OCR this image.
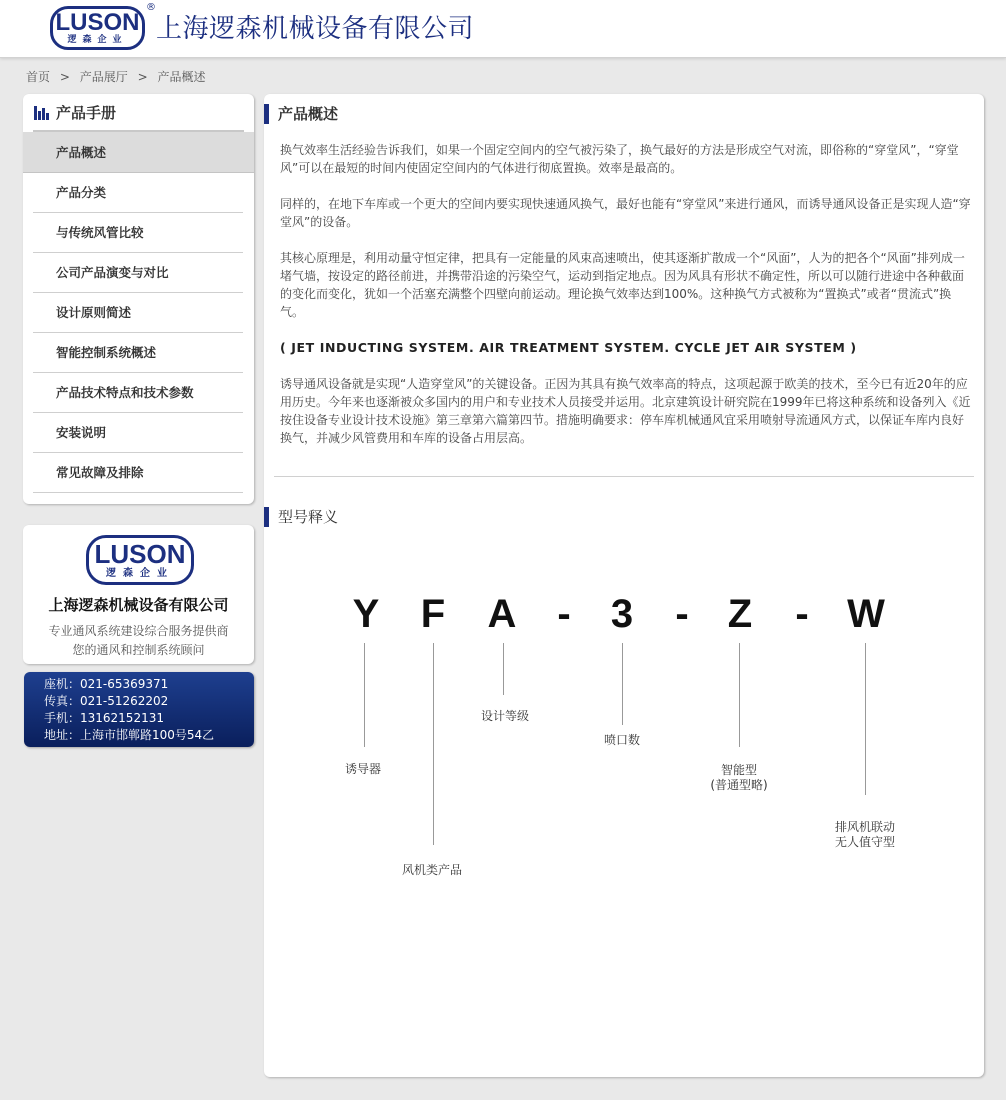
LUSON
逻森企业
®
上海逻森机械设备有限公司
首页 > 产品展厅 > 产品概述
产品手册
产品概述
产品分类
与传统风管比较
公司产品演变与对比
设计原则简述
智能控制系统概述
产品技术特点和技术参数
安装说明
常见故障及排除
LUSON
逻森企业
上海逻森机械设备有限公司
专业通风系统建设综合服务提供商
您的通风和控制系统顾问
座机：021-65369371
传真：021-51262202
手机：13162152131
地址：上海市邯郸路100号54乙
产品概述
换气效率生活经验告诉我们，如果一个固定空间内的空气被污染了，换气最好的方法是形成空气对流，即俗称的“穿堂风”，“穿堂风”可以在最短的时间内使固定空间内的气体进行彻底置换。效率是最高的。
同样的，在地下车库或一个更大的空间内要实现快速通风换气，最好也能有“穿堂风”来进行通风，而诱导通风设备正是实现人造“穿堂风”的设备。
其核心原理是，利用动量守恒定律，把具有一定能量的风束高速喷出，使其逐渐扩散成一个“风面”，人为的把各个“风面”排列成一堵气墙，按设定的路径前进，并携带沿途的污染空气，运动到指定地点。因为风具有形状不确定性，所以可以随行进途中各种截面的变化而变化，犹如一个活塞充满整个四壁向前运动。理论换气效率达到100%。这种换气方式被称为“置换式”或者“贯流式”换气。
( JET INDUCTING SYSTEM. AIR TREATMENT SYSTEM. CYCLE JET AIR SYSTEM )
诱导通风设备就是实现“人造穿堂风”的关键设备。正因为其具有换气效率高的特点，这项起源于欧美的技术，至今已有近20年的应用历史。今年来也逐渐被众多国内的用户和专业技术人员接受并运用。北京建筑设计研究院在1999年已将这种系统和设备列入《近按住设备专业设计技术设施》第三章第六篇第四节。措施明确要求：停车库机械通风宜采用喷射导流通风方式，以保证车库内良好换气，并减少风管费用和车库的设备占用层高。
型号释义
Y F A	-	3	- Z	- W
诱导器
风机类产品
设计等级
喷口数
智能型
(普通型略)
排风机联动
无人值守型
